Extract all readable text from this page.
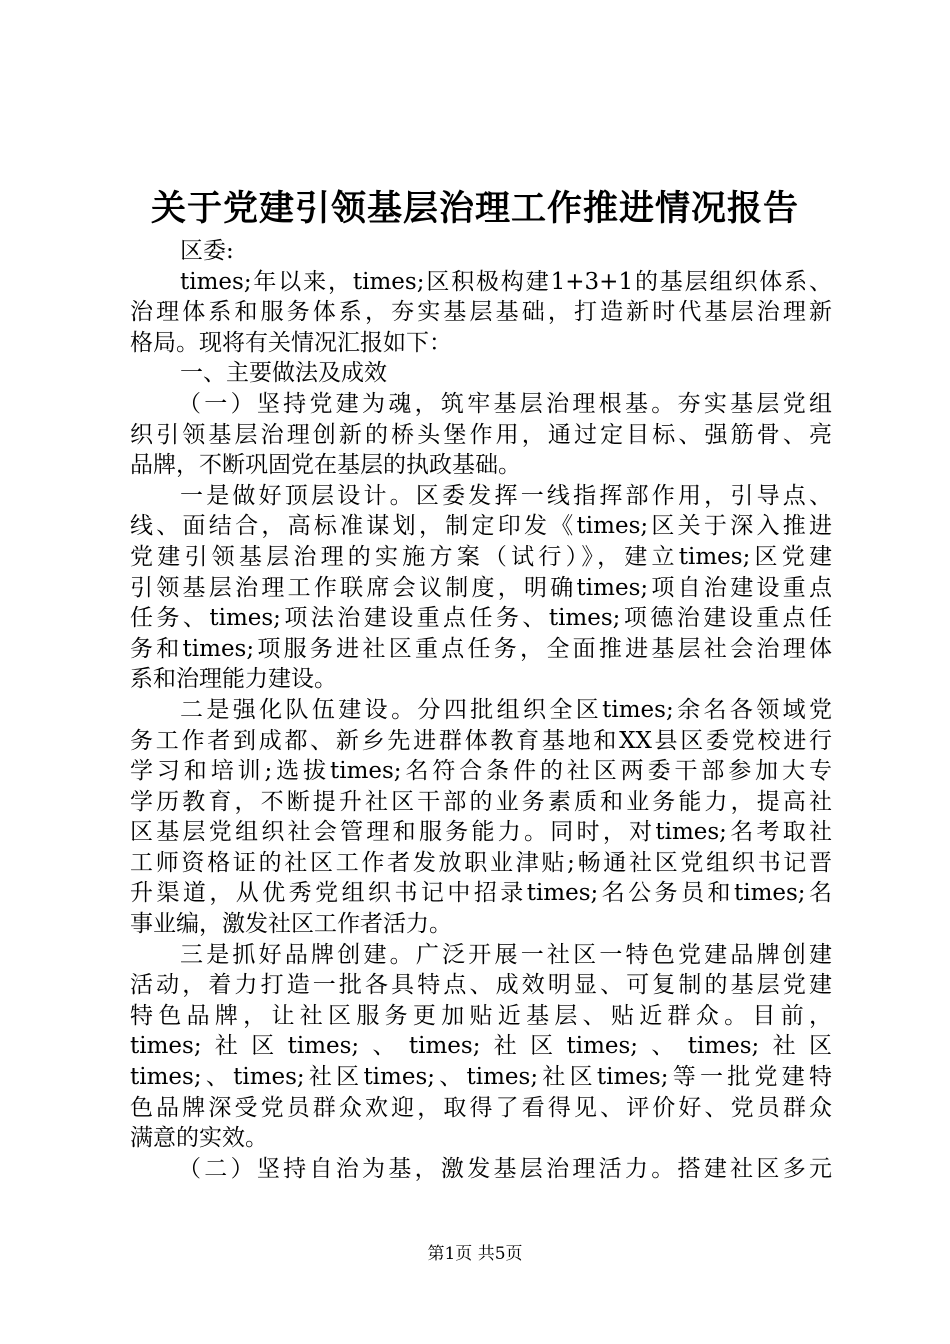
关于党建引领基层治理工作推进情况报告
区委:
times;年以来，times;区积极构建1+3+1的基层组织体系、
治理体系和服务体系，夯实基层基础，打造新时代基层治理新
格局。现将有关情况汇报如下：
一、主要做法及成效
（一）坚持党建为魂，筑牢基层治理根基。夯实基层党组
织引领基层治理创新的桥头堡作用，通过定目标、强筋骨、亮
品牌，不断巩固党在基层的执政基础。
一是做好顶层设计。区委发挥一线指挥部作用，引导点、
线、面结合，高标准谋划，制定印发《times;区关于深入推进
党建引领基层治理的实施方案（试行）》，建立times;区党建
引领基层治理工作联席会议制度，明确times;项自治建设重点
任务、times;项法治建设重点任务、times;项德治建设重点任
务和times;项服务进社区重点任务，全面推进基层社会治理体
系和治理能力建设。
二是强化队伍建设。分四批组织全区times;余名各领域党
务工作者到成都、新乡先进群体教育基地和XX县区委党校进行
学习和培训;选拔times;名符合条件的社区两委干部参加大专
学历教育，不断提升社区干部的业务素质和业务能力，提高社
区基层党组织社会管理和服务能力。同时，对times;名考取社
工师资格证的社区工作者发放职业津贴;畅通社区党组织书记晋
升渠道，从优秀党组织书记中招录times;名公务员和times;名
事业编，激发社区工作者活力。
三是抓好品牌创建。广泛开展一社区一特色党建品牌创建
活动，着力打造一批各具特点、成效明显、可复制的基层党建
特色品牌，让社区服务更加贴近基层、贴近群众。目前，
times;社区times;、times;社区times;、times;社区
times;、times;社区times;、times;社区times;等一批党建特
色品牌深受党员群众欢迎，取得了看得见、评价好、党员群众
满意的实效。
（二）坚持自治为基，激发基层治理活力。搭建社区多元
第1页 共5页
